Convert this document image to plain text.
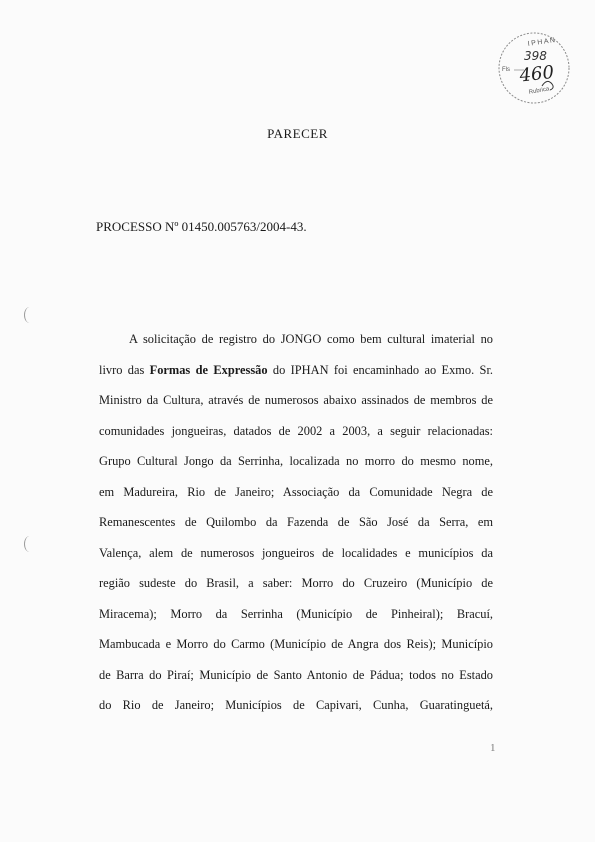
IPHAN
Fls
398
460
Rubrica
PARECER
PROCESSO Nº 01450.005763/2004-43.
A solicitação de registro do JONGO como bem cultural imaterial no
livro das Formas de Expressão do IPHAN foi encaminhado ao Exmo. Sr.
Ministro da Cultura, através de numerosos abaixo assinados de membros de
comunidades jongueiras, datados de 2002 a 2003, a seguir relacionadas:
Grupo Cultural Jongo da Serrinha, localizada no morro do mesmo nome,
em Madureira, Rio de Janeiro; Associação da Comunidade Negra de
Remanescentes de Quilombo da Fazenda de São José da Serra, em
Valença, alem de numerosos jongueiros de localidades e municípios da
região sudeste do Brasil, a saber: Morro do Cruzeiro (Município de
Miracema); Morro da Serrinha (Município de Pinheiral); Bracuí,
Mambucada e Morro do Carmo (Município de Angra dos Reis); Município
de Barra do Piraí; Município de Santo Antonio de Pádua; todos no Estado
do Rio de Janeiro; Municípios de Capivari, Cunha, Guaratinguetá,
1
